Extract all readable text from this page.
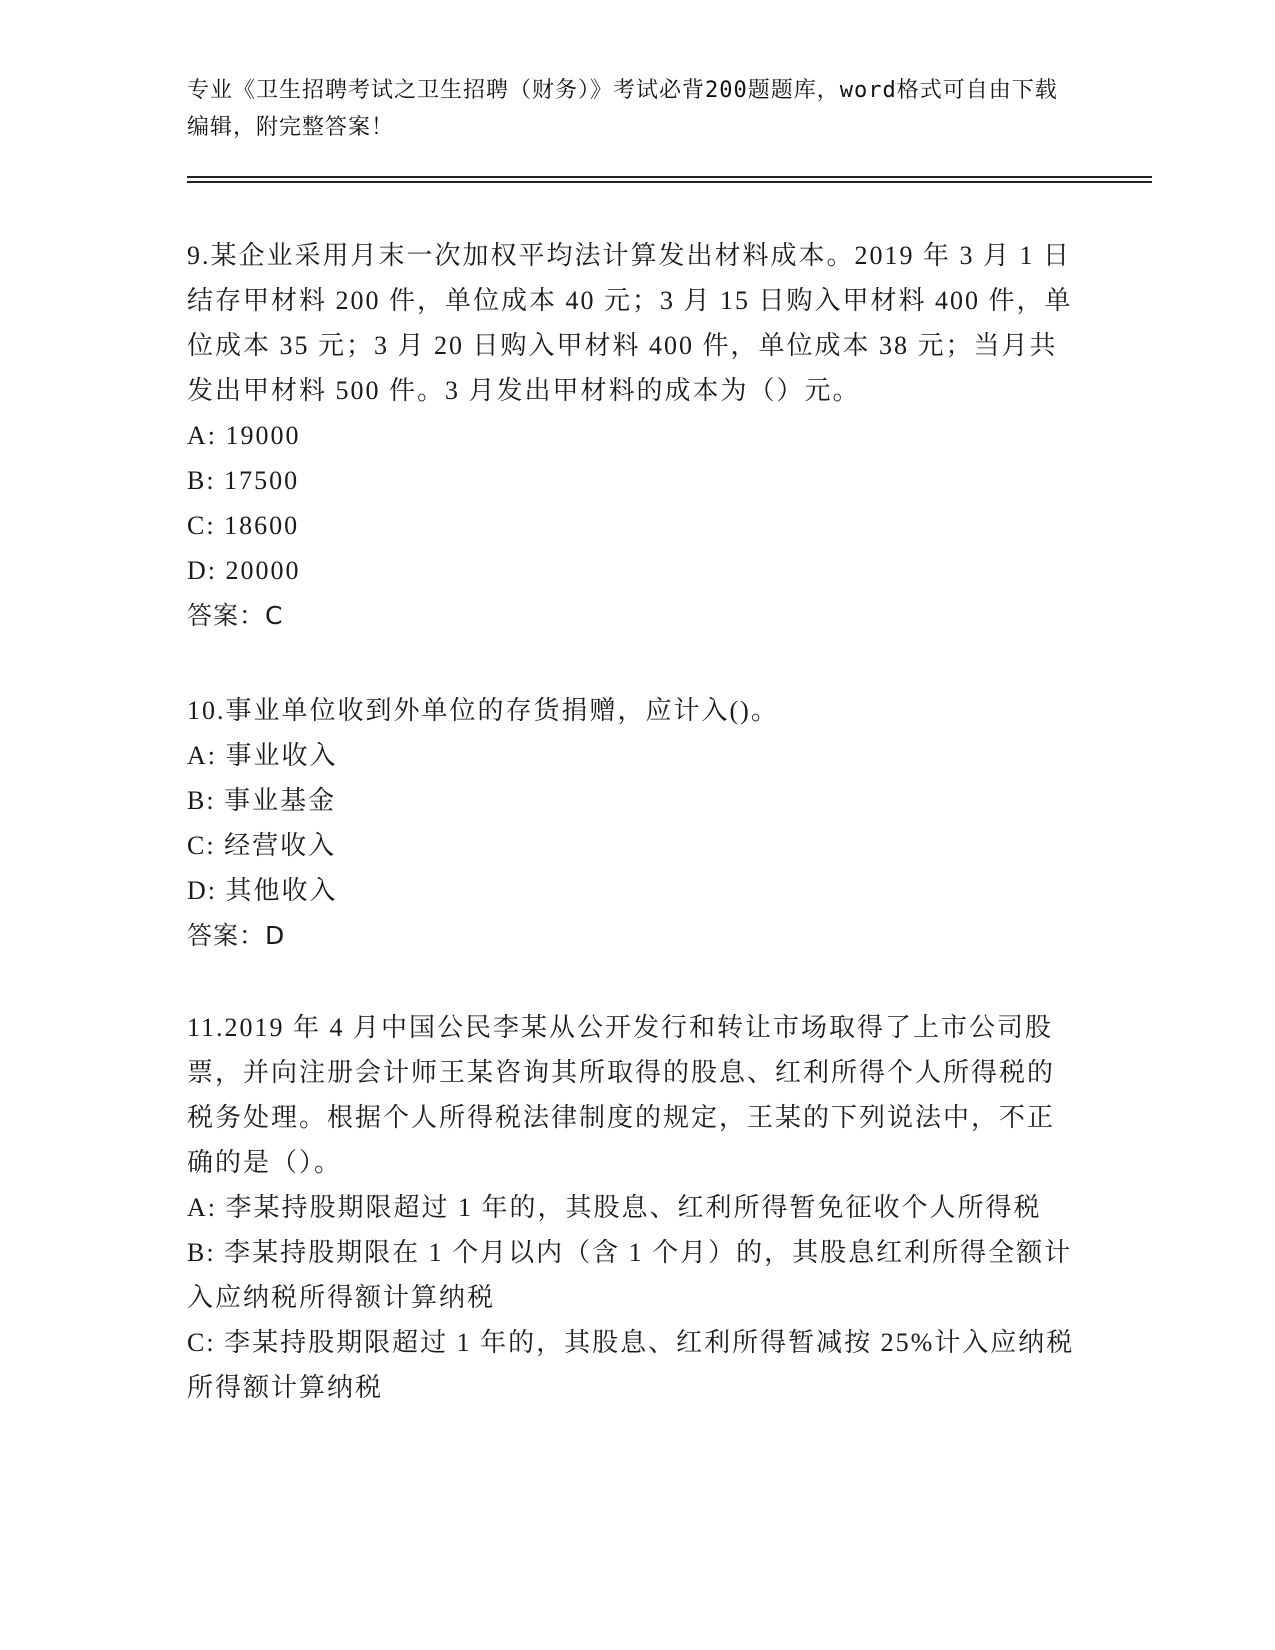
专业《卫生招聘考试之卫生招聘（财务）》考试必背200题题库，word格式可自由下载编辑，附完整答案！
9.某企业采用月末一次加权平均法计算发出材料成本。2019 年 3 月 1 日结存甲材料 200 件，单位成本 40 元；3 月 15 日购入甲材料 400 件，单位成本 35 元；3 月 20 日购入甲材料 400 件，单位成本 38 元；当月共发出甲材料 500 件。3 月发出甲材料的成本为（）元。
A: 19000
B: 17500
C: 18600
D: 20000
答案：C
10.事业单位收到外单位的存货捐赠，应计入()。
A: 事业收入
B: 事业基金
C: 经营收入
D: 其他收入
答案：D
11.2019 年 4 月中国公民李某从公开发行和转让市场取得了上市公司股票，并向注册会计师王某咨询其所取得的股息、红利所得个人所得税的税务处理。根据个人所得税法律制度的规定，王某的下列说法中，不正确的是（）。
A: 李某持股期限超过 1 年的，其股息、红利所得暂免征收个人所得税
B: 李某持股期限在 1 个月以内（含 1 个月）的，其股息红利所得全额计入应纳税所得额计算纳税
C: 李某持股期限超过 1 年的，其股息、红利所得暂减按 25%计入应纳税所得额计算纳税
